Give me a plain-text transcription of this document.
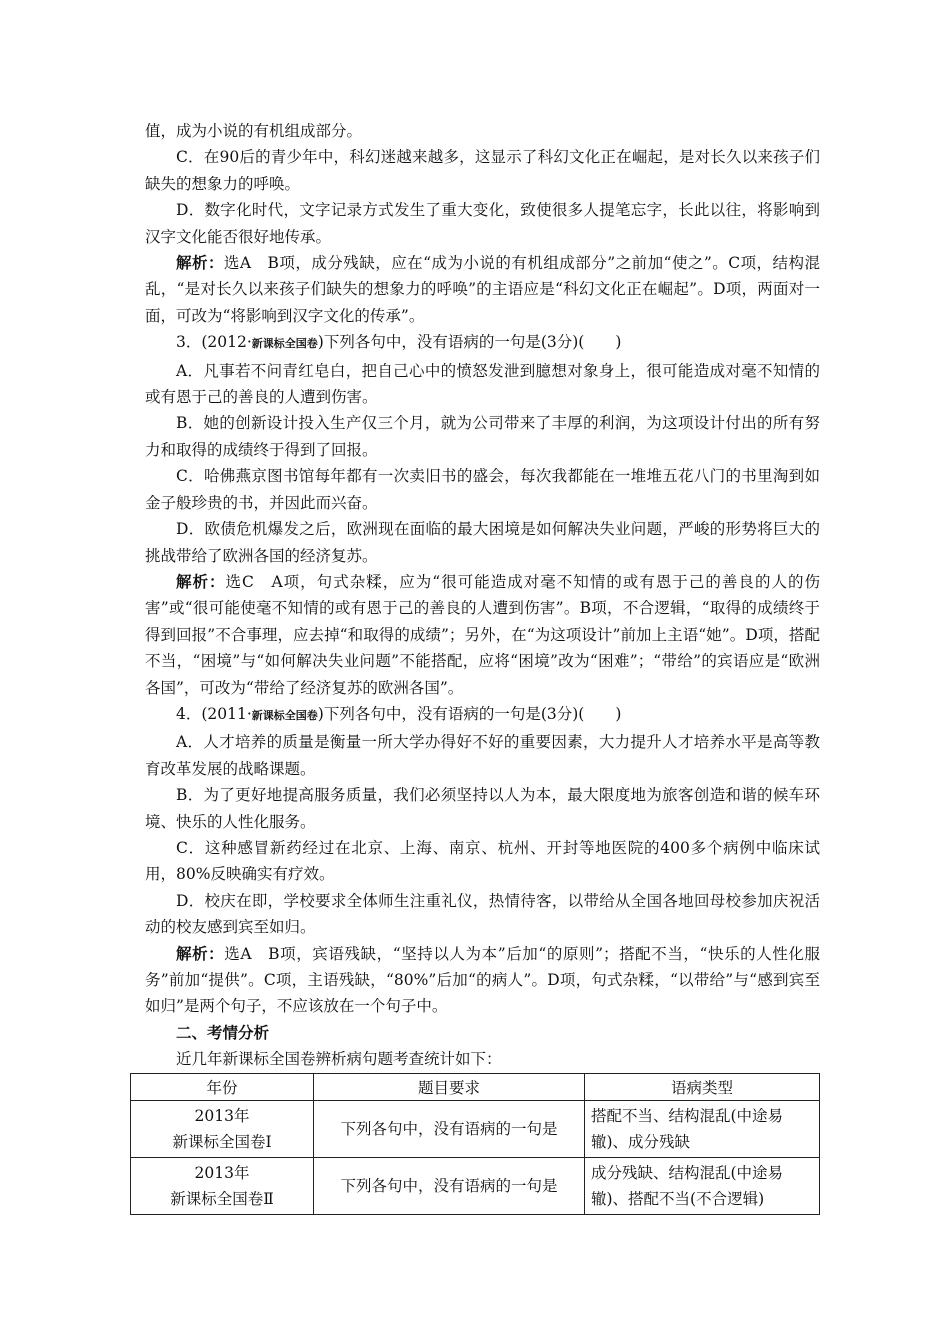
值，成为小说的有机组成部分。

C．在90后的青少年中，科幻迷越来越多，这显示了科幻文化正在崛起，是对长久以来孩子们缺失的想象力的呼唤。

D．数字化时代，文字记录方式发生了重大变化，致使很多人提笔忘字，长此以往，将影响到汉字文化能否很好地传承。

解析：选A　B项，成分残缺，应在“成为小说的有机组成部分”之前加“使之”。C项，结构混乱，“是对长久以来孩子们缺失的想象力的呼唤”的主语应是“科幻文化正在崛起”。D项，两面对一面，可改为“将影响到汉字文化的传承”。

3．(2012·新课标全国卷)下列各句中，没有语病的一句是(3分)(　　)

A．凡事若不问青红皂白，把自己心中的愤怒发泄到臆想对象身上，很可能造成对毫不知情的或有恩于己的善良的人遭到伤害。

B．她的创新设计投入生产仅三个月，就为公司带来了丰厚的利润，为这项设计付出的所有努力和取得的成绩终于得到了回报。

C．哈佛燕京图书馆每年都有一次卖旧书的盛会，每次我都能在一堆堆五花八门的书里淘到如金子般珍贵的书，并因此而兴奋。

D．欧债危机爆发之后，欧洲现在面临的最大困境是如何解决失业问题，严峻的形势将巨大的挑战带给了欧洲各国的经济复苏。

解析：选C　A项，句式杂糅，应为“很可能造成对毫不知情的或有恩于己的善良的人的伤害”或“很可能使毫不知情的或有恩于己的善良的人遭到伤害”。B项，不合逻辑，“取得的成绩终于得到回报”不合事理，应去掉“和取得的成绩”；另外，在“为这项设计”前加上主语“她”。D项，搭配不当，“困境”与“如何解决失业问题”不能搭配，应将“困境”改为“困难”；“带给”的宾语应是“欧洲各国”，可改为“带给了经济复苏的欧洲各国”。

4．(2011·新课标全国卷)下列各句中，没有语病的一句是(3分)(　　)

A．人才培养的质量是衡量一所大学办得好不好的重要因素，大力提升人才培养水平是高等教育改革发展的战略课题。

B．为了更好地提高服务质量，我们必须坚持以人为本，最大限度地为旅客创造和谐的候车环境、快乐的人性化服务。

C．这种感冒新药经过在北京、上海、南京、杭州、开封等地医院的400多个病例中临床试用，80%反映确实有疗效。

D．校庆在即，学校要求全体师生注重礼仪，热情待客，以带给从全国各地回母校参加庆祝活动的校友感到宾至如归。

解析：选A　B项，宾语残缺，“坚持以人为本”后加“的原则”；搭配不当，“快乐的人性化服务”前加“提供”。C项，主语残缺，“80%”后加“的病人”。D项，句式杂糅，“以带给”与“感到宾至如归”是两个句子，不应该放在一个句子中。

二、考情分析

近几年新课标全国卷辨析病句题考查统计如下：

年份	题目要求	语病类型

2013年
新课标全国卷Ⅰ	下列各句中，没有语病的一句是	搭配不当、结构混乱(中途易辙)、成分残缺

2013年
新课标全国卷Ⅱ	下列各句中，没有语病的一句是	成分残缺、结构混乱(中途易辙)、搭配不当(不合逻辑)
